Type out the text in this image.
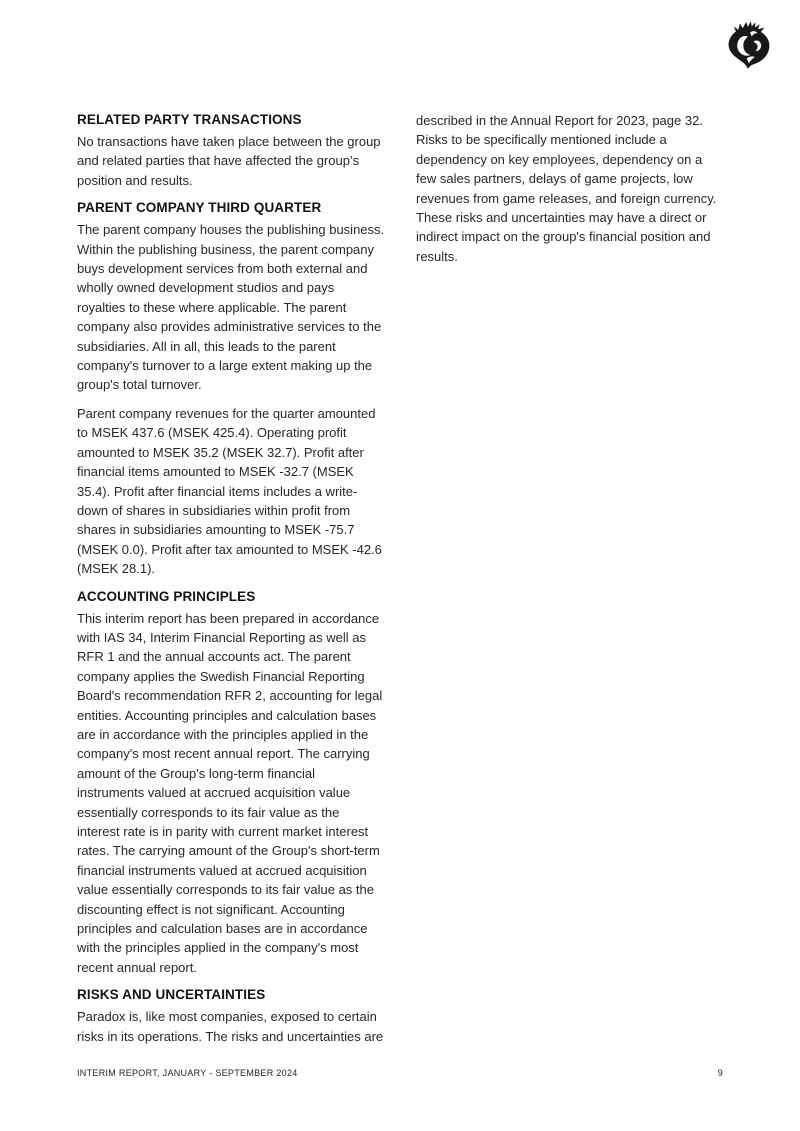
RELATED PARTY TRANSACTIONS

No transactions have taken place between the group and related parties that have affected the group’s position and results.

PARENT COMPANY THIRD QUARTER

The parent company houses the publishing business. Within the publishing business, the parent company buys development services from both external and wholly owned development studios and pays royalties to these where applicable. The parent company also provides administrative services to the subsidiaries. All in all, this leads to the parent company's turnover to a large extent making up the group's total turnover.

Parent company revenues for the quarter amounted to MSEK 437.6 (MSEK 425.4). Operating profit amounted to MSEK 35.2 (MSEK 32.7). Profit after financial items amounted to MSEK -32.7 (MSEK 35.4). Profit after financial items includes a write-down of shares in subsidiaries within profit from shares in subsidiaries amounting to MSEK -75.7 (MSEK 0.0). Profit after tax amounted to MSEK -42.6 (MSEK 28.1).

ACCOUNTING PRINCIPLES

This interim report has been prepared in accordance with IAS 34, Interim Financial Reporting as well as RFR 1 and the annual accounts act. The parent company applies the Swedish Financial Reporting Board's recommendation RFR 2, accounting for legal entities. Accounting principles and calculation bases are in accordance with the principles applied in the company's most recent annual report. The carrying amount of the Group's long-term financial instruments valued at accrued acquisition value essentially corresponds to its fair value as the interest rate is in parity with current market interest rates. The carrying amount of the Group's short-term financial instruments valued at accrued acquisition value essentially corresponds to its fair value as the discounting effect is not significant. Accounting principles and calculation bases are in accordance with the principles applied in the company's most recent annual report.

RISKS AND UNCERTAINTIES

Paradox is, like most companies, exposed to certain risks in its operations. The risks and uncertainties are

described in the Annual Report for 2023, page 32. Risks to be specifically mentioned include a dependency on key employees, dependency on a few sales partners, delays of game projects, low revenues from game releases, and foreign currency. These risks and uncertainties may have a direct or indirect impact on the group's financial position and results.

INTERIM REPORT, JANUARY - SEPTEMBER 2024	9
